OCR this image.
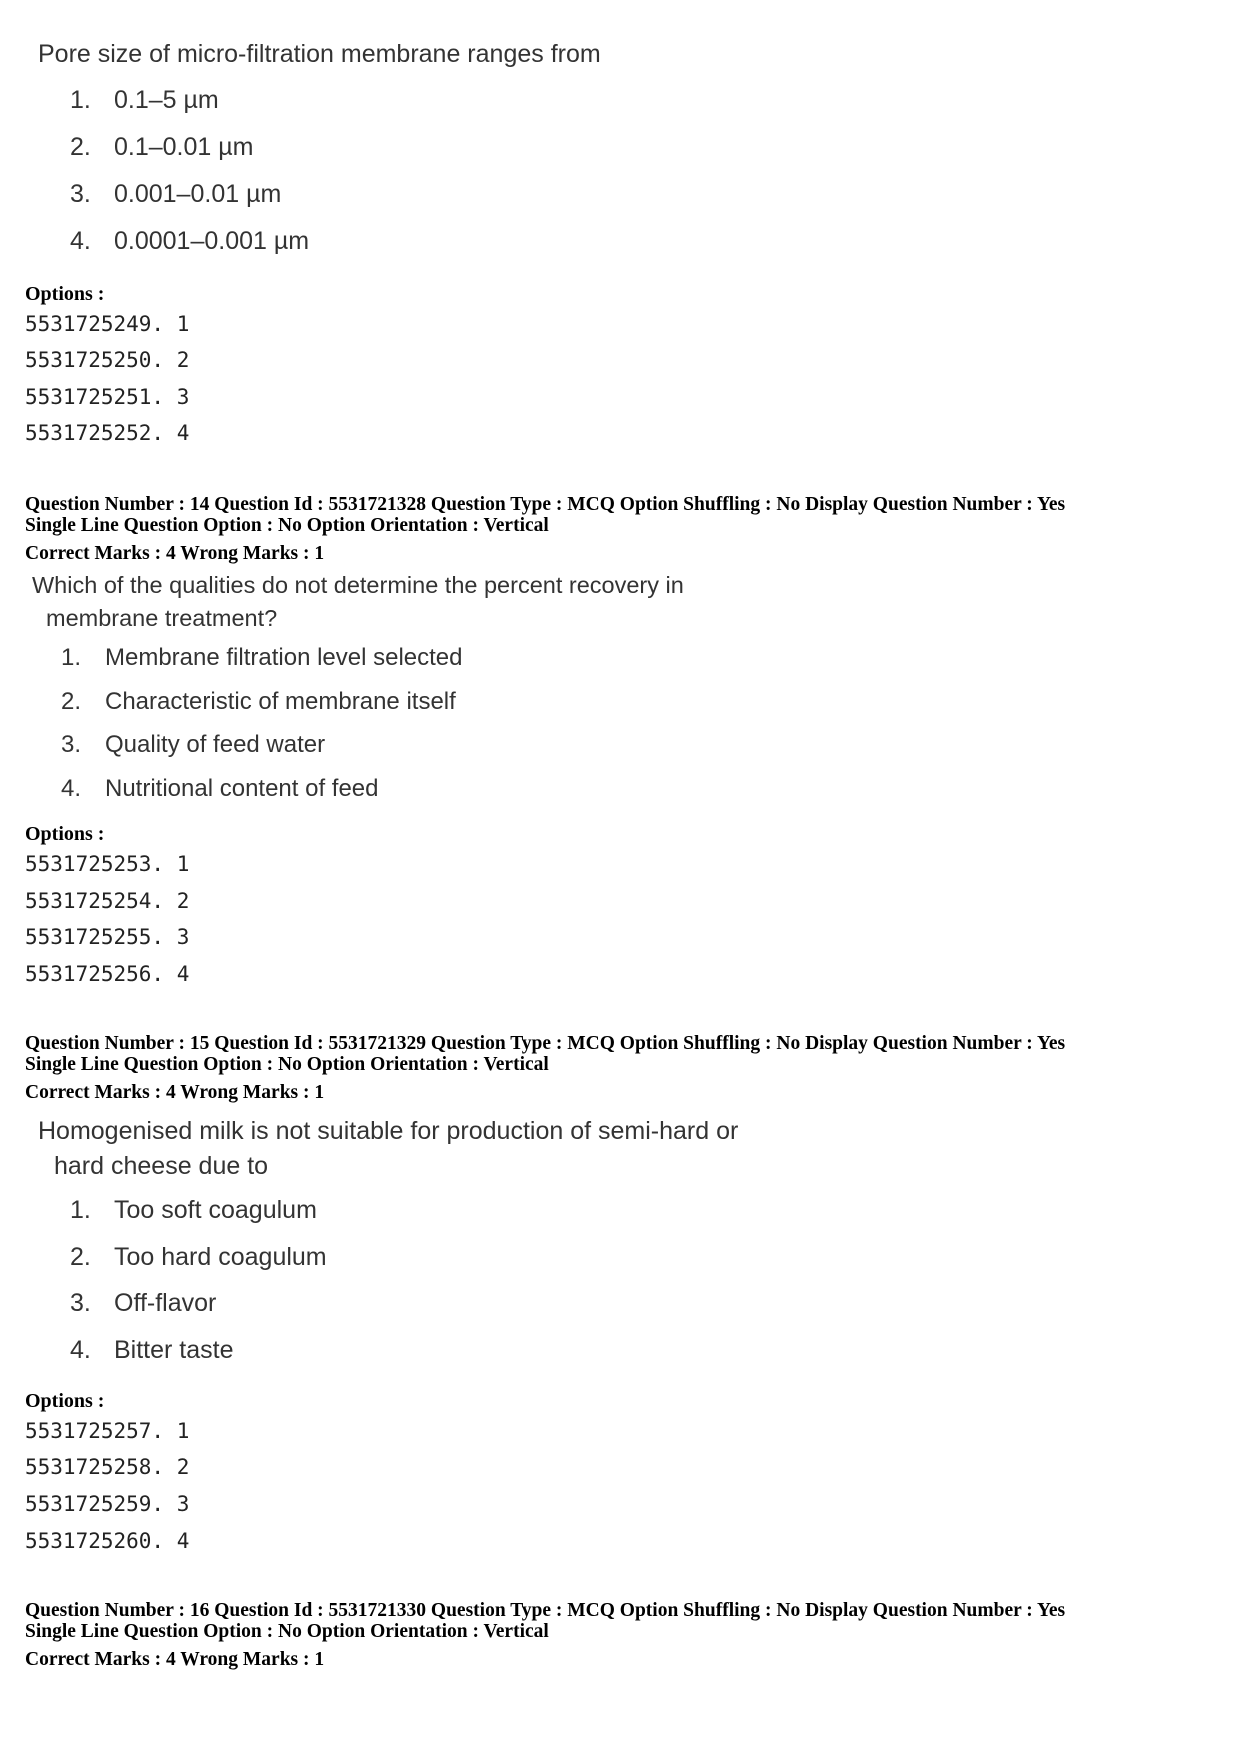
Pore size of micro-filtration membrane ranges from
1. 0.1–5 µm
2. 0.1–0.01 µm
3. 0.001–0.01 µm
4. 0.0001–0.001 µm
Options :
5531725249. 1
5531725250. 2
5531725251. 3
5531725252. 4
Question Number : 14 Question Id : 5531721328 Question Type : MCQ Option Shuffling : No Display Question Number : Yes
Single Line Question Option : No Option Orientation : Vertical
Correct Marks : 4 Wrong Marks : 1
Which of the qualities do not determine the percent recovery in
membrane treatment?
1. Membrane filtration level selected
2. Characteristic of membrane itself
3. Quality of feed water
4. Nutritional content of feed
Options :
5531725253. 1
5531725254. 2
5531725255. 3
5531725256. 4
Question Number : 15 Question Id : 5531721329 Question Type : MCQ Option Shuffling : No Display Question Number : Yes
Single Line Question Option : No Option Orientation : Vertical
Correct Marks : 4 Wrong Marks : 1
Homogenised milk is not suitable for production of semi-hard or
hard cheese due to
1. Too soft coagulum
2. Too hard coagulum
3. Off-flavor
4. Bitter taste
Options :
5531725257. 1
5531725258. 2
5531725259. 3
5531725260. 4
Question Number : 16 Question Id : 5531721330 Question Type : MCQ Option Shuffling : No Display Question Number : Yes
Single Line Question Option : No Option Orientation : Vertical
Correct Marks : 4 Wrong Marks : 1
